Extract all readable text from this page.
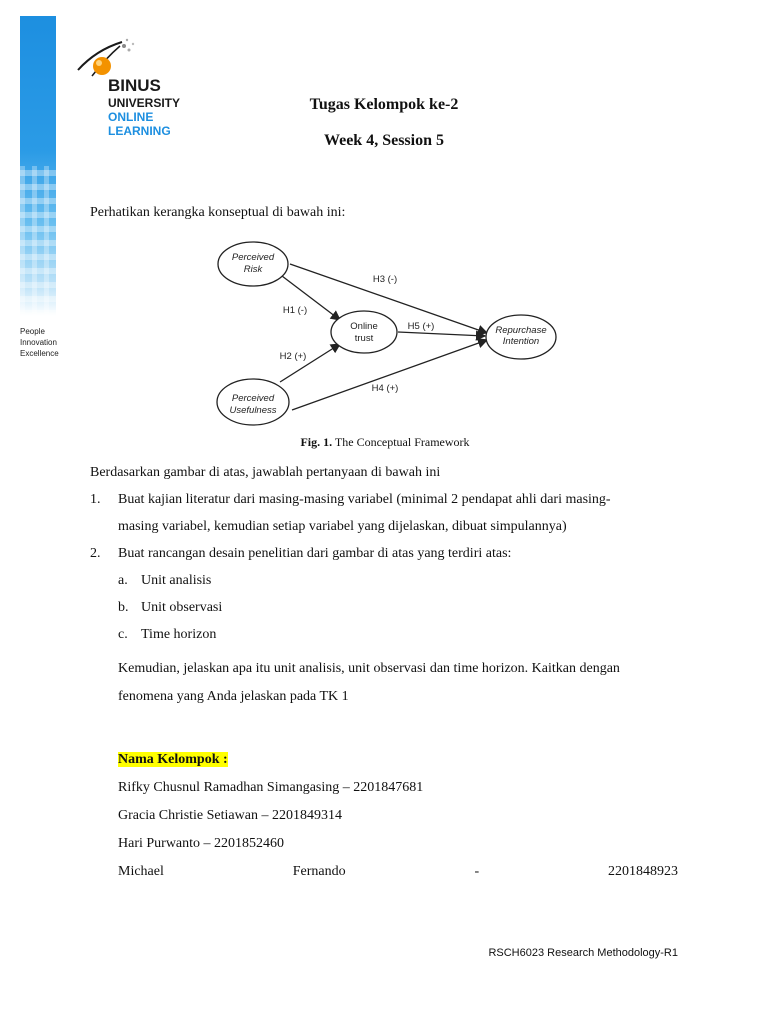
People
Innovation
Excellence
BINUS
UNIVERSITY
ONLINE
LEARNING
Tugas Kelompok ke-2
Week 4, Session 5
Perhatikan kerangka konseptual di bawah ini:
Perceived
Risk
Repurchase
Intention
Perceived
Usefulness
Online
trust
H3 (-)
H1 (-)
H5 (+)
H2 (+)
H4 (+)
Fig. 1. The Conceptual Framework
Berdasarkan gambar di atas, jawablah pertanyaan di bawah ini
1. Buat kajian literatur dari masing-masing variabel (minimal 2 pendapat ahli dari masing-
masing variabel, kemudian setiap variabel yang dijelaskan, dibuat simpulannya)
2. Buat rancangan desain penelitian dari gambar di atas yang terdiri atas:
a. Unit analisis
b. Unit observasi
c. Time horizon
Kemudian, jelaskan apa itu unit analisis, unit observasi dan time horizon. Kaitkan dengan
fenomena yang Anda jelaskan pada TK 1
Nama Kelompok :
Rifky Chusnul Ramadhan Simangasing – 2201847681
Gracia Christie Setiawan – 2201849314
Hari Purwanto – 2201852460
Michael	Fernando	-	2201848923
RSCH6023 Research Methodology-R1
